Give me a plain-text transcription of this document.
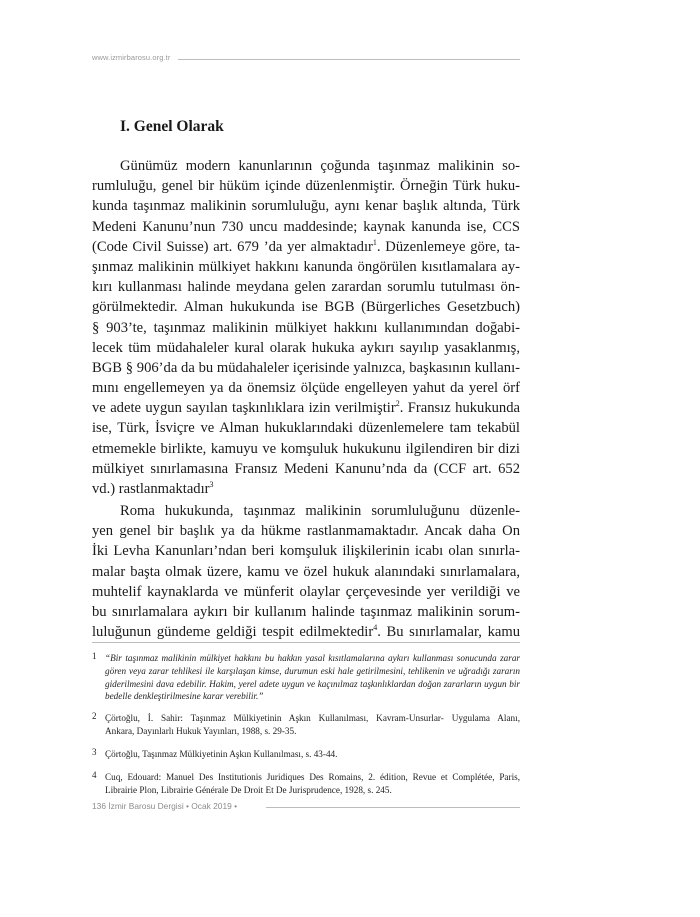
www.izmirbarosu.org.tr
I. Genel Olarak
Günümüz modern kanunlarının çoğunda taşınmaz malikinin so-
rumluluğu, genel bir hüküm içinde düzenlenmiştir. Örneğin Türk huku-
kunda taşınmaz malikinin sorumluluğu, aynı kenar başlık altında, Türk
Medeni Kanunu’nun 730 uncu maddesinde; kaynak kanunda ise, CCS
(Code Civil Suisse) art. 679 ’da yer almaktadır$^1$. Düzenlemeye göre, ta-
şınmaz malikinin mülkiyet hakkını kanunda öngörülen kısıtlamalara ay-
kırı kullanması halinde meydana gelen zarardan sorumlu tutulması ön-
görülmektedir. Alman hukukunda ise BGB (Bürgerliches Gesetzbuch)
§ 903’te, taşınmaz malikinin mülkiyet hakkını kullanımından doğabi-
lecek tüm müdahaleler kural olarak hukuka aykırı sayılıp yasaklanmış,
BGB § 906’da da bu müdahaleler içerisinde yalnızca, başkasının kullanı-
mını engellemeyen ya da önemsiz ölçüde engelleyen yahut da yerel örf
ve adete uygun sayılan taşkınlıklara izin verilmiştir$^2$. Fransız hukukunda
ise, Türk, İsviçre ve Alman hukuklarındaki düzenlemelere tam tekabül
etmemekle birlikte, kamuyu ve komşuluk hukukunu ilgilendiren bir dizi
mülkiyet sınırlamasına Fransız Medeni Kanunu’nda da (CCF art. 652
vd.) rastlanmaktadır$^3$
Roma hukukunda, taşınmaz malikinin sorumluluğunu düzenle-
yen genel bir başlık ya da hükme rastlanmamaktadır. Ancak daha On
İki Levha Kanunları’ndan beri komşuluk ilişkilerinin icabı olan sınırla-
malar başta olmak üzere, kamu ve özel hukuk alanındaki sınırlamalara,
muhtelif kaynaklarda ve münferit olaylar çerçevesinde yer verildiği ve
bu sınırlamalara aykırı bir kullanım halinde taşınmaz malikinin sorum-
luluğunun gündeme geldiği tespit edilmektedir$^4$. Bu sınırlamalar, kamu
1 “Bir taşınmaz malikinin mülkiyet hakkını bu hakkın yasal kısıtlamalarına aykırı kullanması sonucunda zarar
gören veya zarar tehlikesi ile karşılaşan kimse, durumun eski hale getirilmesini, tehlikenin ve uğradığı zararın
giderilmesini dava edebilir. Hakim, yerel adete uygun ve kaçınılmaz taşkınlıklardan doğan zararların uygun bir
bedelle denkleştirilmesine karar verebilir.”
2 Çörtoğlu, İ. Sahir: Taşınmaz Mülkiyetinin Aşkın Kullanılması, Kavram-Unsurlar- Uygulama Alanı,
Ankara, Dayınlarlı Hukuk Yayınları, 1988, s. 29-35.
3 Çörtoğlu, Taşınmaz Mülkiyetinin Aşkın Kullanılması, s. 43-44.
4 Cuq, Edouard: Manuel Des Institutionis Juridiques Des Romains, 2. édition, Revue et Complétée, Paris,
Librairie Plon, Librairie Générale De Droit Et De Jurisprudence, 1928, s. 245.
136 İzmir Barosu Dergisi • Ocak 2019 •
